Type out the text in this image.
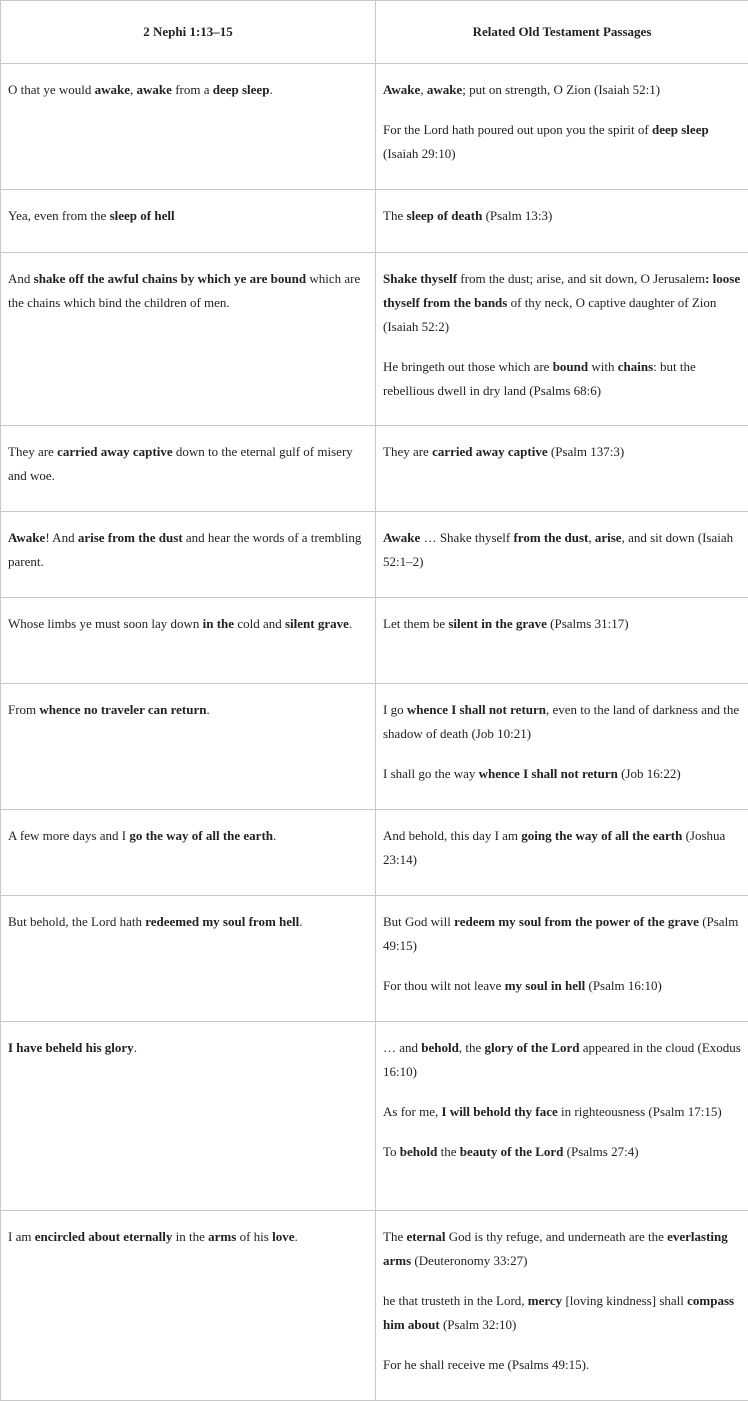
2 Nephi 1:13–15	Related Old Testament Passages

O that ye would awake, awake from a deep sleep.	Awake, awake; put on strength, O Zion (Isaiah 52:1)
For the Lord hath poured out upon you the spirit of deep sleep (Isaiah 29:10)

Yea, even from the sleep of hell	The sleep of death (Psalm 13:3)

And shake off the awful chains by which ye are bound which are the chains which bind the children of men.	Shake thyself from the dust; arise, and sit down, O Jerusalem: loose thyself from the bands of thy neck, O captive daughter of Zion (Isaiah 52:2)
He bringeth out those which are bound with chains: but the rebellious dwell in dry land (Psalms 68:6)

They are carried away captive down to the eternal gulf of misery and woe.	They are carried away captive (Psalm 137:3)

Awake! And arise from the dust and hear the words of a trembling parent.	Awake … Shake thyself from the dust, arise, and sit down (Isaiah 52:1–2)

Whose limbs ye must soon lay down in the cold and silent grave.	Let them be silent in the grave (Psalms 31:17)

From whence no traveler can return.	I go whence I shall not return, even to the land of darkness and the shadow of death (Job 10:21)
I shall go the way whence I shall not return (Job 16:22)

A few more days and I go the way of all the earth.	And behold, this day I am going the way of all the earth (Joshua 23:14)

But behold, the Lord hath redeemed my soul from hell.	But God will redeem my soul from the power of the grave (Psalm 49:15)
For thou wilt not leave my soul in hell (Psalm 16:10)

I have beheld his glory.	… and behold, the glory of the Lord appeared in the cloud (Exodus 16:10)
As for me, I will behold thy face in righteousness (Psalm 17:15)
To behold the beauty of the Lord (Psalms 27:4)

I am encircled about eternally in the arms of his love.	The eternal God is thy refuge, and underneath are the everlasting arms (Deuteronomy 33:27)
he that trusteth in the Lord, mercy [loving kindness] shall compass him about (Psalm 32:10)
For he shall receive me (Psalms 49:15).
